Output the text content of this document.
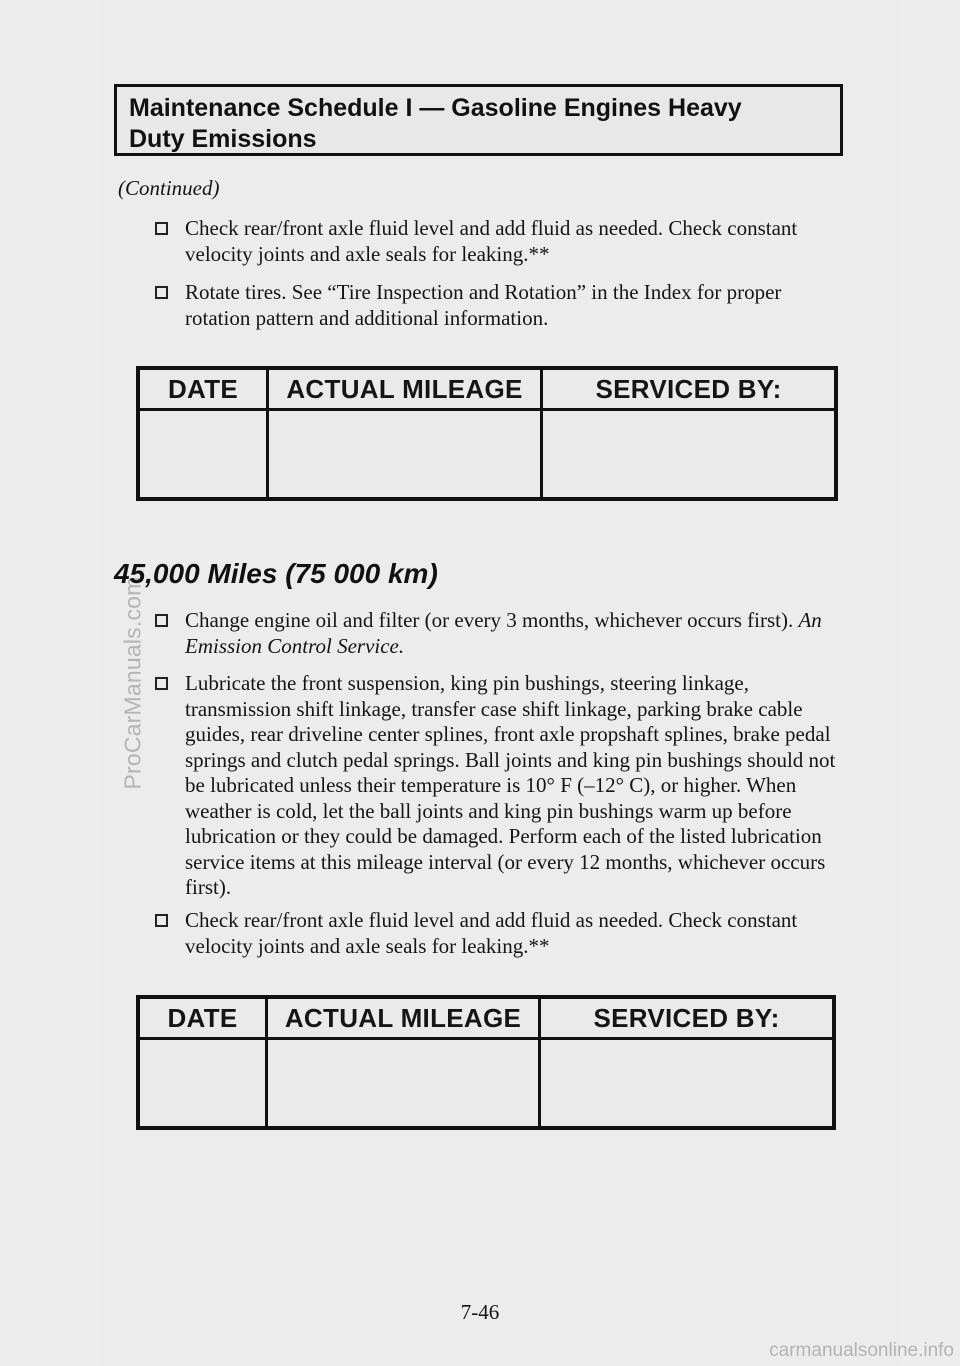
ProCarManuals.com
Maintenance Schedule I — Gasoline Engines Heavy
Duty Emissions
(Continued)
Check rear/front axle fluid level and add fluid as needed. Check constant velocity joints and axle seals for leaking.**
Rotate tires. See “Tire Inspection and Rotation” in the Index for proper rotation pattern and additional information.
DATE	ACTUAL MILEAGE	SERVICED BY:

45,000 Miles (75 000 km)
Change engine oil and filter (or every 3 months, whichever occurs first). An Emission Control Service.
Lubricate the front suspension, king pin bushings, steering linkage, transmission shift linkage, transfer case shift linkage, parking brake cable guides, rear driveline center splines, front axle propshaft splines, brake pedal springs and clutch pedal springs. Ball joints and king pin bushings should not be lubricated unless their temperature is 10° F (–12° C), or higher. When weather is cold, let the ball joints and king pin bushings warm up before lubrication or they could be damaged. Perform each of the listed lubrication service items at this mileage interval (or every 12 months, whichever occurs first).
Check rear/front axle fluid level and add fluid as needed. Check constant velocity joints and axle seals for leaking.**
DATE	ACTUAL MILEAGE	SERVICED BY:

7-46
carmanualsonline.info
